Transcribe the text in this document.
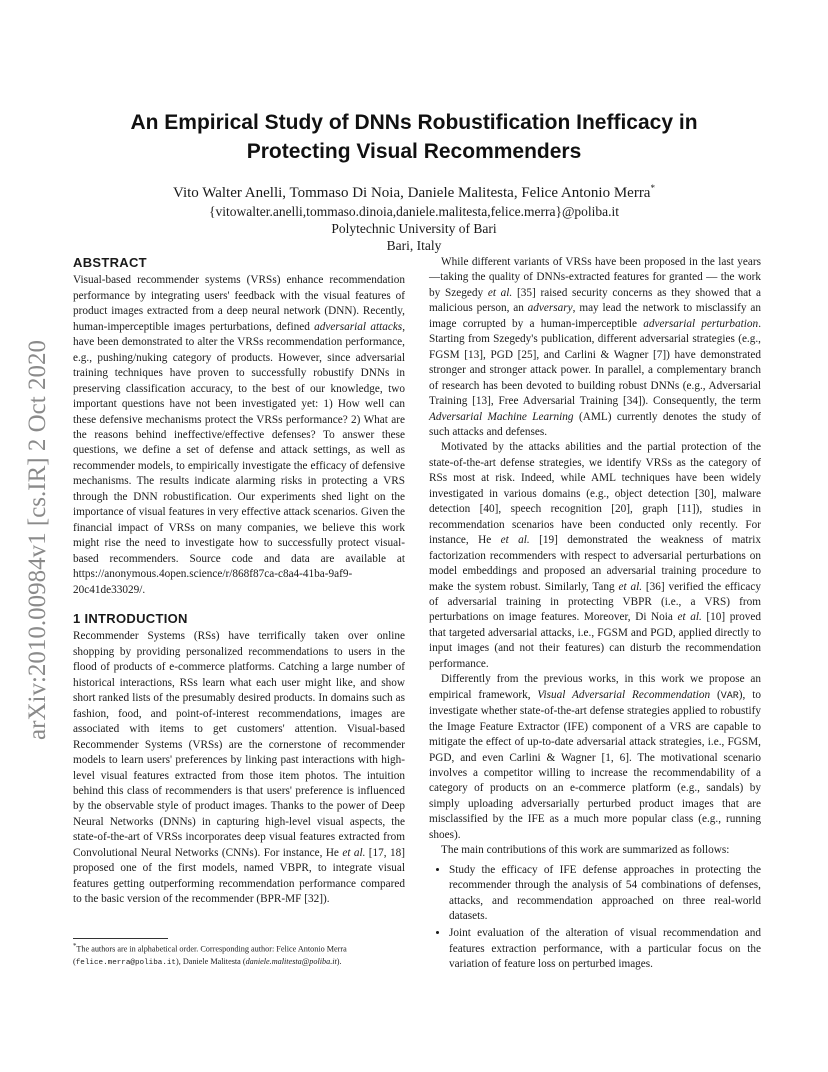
arXiv:2010.00984v1 [cs.IR] 2 Oct 2020
An Empirical Study of DNNs Robustification Inefficacy in
Protecting Visual Recommenders
Vito Walter Anelli, Tommaso Di Noia, Daniele Malitesta, Felice Antonio Merra*
{vitowalter.anelli,tommaso.dinoia,daniele.malitesta,felice.merra}@poliba.it
Polytechnic University of Bari
Bari, Italy
ABSTRACT

Visual-based recommender systems (VRSs) enhance recommendation performance by integrating users' feedback with the visual features of product images extracted from a deep neural network (DNN). Recently, human-imperceptible images perturbations, defined adversarial attacks, have been demonstrated to alter the VRSs recommendation performance, e.g., pushing/nuking category of products. However, since adversarial training techniques have proven to successfully robustify DNNs in preserving classification accuracy, to the best of our knowledge, two important questions have not been investigated yet: 1) How well can these defensive mechanisms protect the VRSs performance? 2) What are the reasons behind ineffective/effective defenses? To answer these questions, we define a set of defense and attack settings, as well as recommender models, to empirically investigate the efficacy of defensive mechanisms. The results indicate alarming risks in protecting a VRS through the DNN robustification. Our experiments shed light on the importance of visual features in very effective attack scenarios. Given the financial impact of VRSs on many companies, we believe this work might rise the need to investigate how to successfully protect visual-based recommenders. Source code and data are available at https://anonymous.4open.science/r/868f87ca-c8a4-41ba-9af9-20c41de33029/.

1 INTRODUCTION

Recommender Systems (RSs) have terrifically taken over online shopping by providing personalized recommendations to users in the flood of products of e-commerce platforms. Catching a large number of historical interactions, RSs learn what each user might like, and show short ranked lists of the presumably desired products. In domains such as fashion, food, and point-of-interest recommendations, images are associated with items to get customers' attention. Visual-based Recommender Systems (VRSs) are the cornerstone of recommender models to learn users' preferences by linking past interactions with high-level visual features extracted from those item photos. The intuition behind this class of recommenders is that users' preference is influenced by the observable style of product images. Thanks to the power of Deep Neural Networks (DNNs) in capturing high-level visual aspects, the state-of-the-art of VRSs incorporates deep visual features extracted from Convolutional Neural Networks (CNNs). For instance, He et al. [17, 18] proposed one of the first models, named VBPR, to integrate visual features getting outperforming recommendation performance compared to the basic version of the recommender (BPR-MF [32]).

While different variants of VRSs have been proposed in the last years —taking the quality of DNNs-extracted features for granted — the work by Szegedy et al. [35] raised security concerns as they showed that a malicious person, an adversary, may lead the network to misclassify an image corrupted by a human-imperceptible adversarial perturbation. Starting from Szegedy's publication, different adversarial strategies (e.g., FGSM [13], PGD [25], and Carlini & Wagner [7]) have demonstrated stronger and stronger attack power. In parallel, a complementary branch of research has been devoted to building robust DNNs (e.g., Adversarial Training [13], Free Adversarial Training [34]). Consequently, the term Adversarial Machine Learning (AML) currently denotes the study of such attacks and defenses.

Motivated by the attacks abilities and the partial protection of the state-of-the-art defense strategies, we identify VRSs as the category of RSs most at risk. Indeed, while AML techniques have been widely investigated in various domains (e.g., object detection [30], malware detection [40], speech recognition [20], graph [11]), studies in recommendation scenarios have been conducted only recently. For instance, He et al. [19] demonstrated the weakness of matrix factorization recommenders with respect to adversarial perturbations on model embeddings and proposed an adversarial training procedure to make the system robust. Similarly, Tang et al. [36] verified the efficacy of adversarial training in protecting VBPR (i.e., a VRS) from perturbations on image features. Moreover, Di Noia et al. [10] proved that targeted adversarial attacks, i.e., FGSM and PGD, applied directly to input images (and not their features) can disturb the recommendation performance.

Differently from the previous works, in this work we propose an empirical framework, Visual Adversarial Recommendation (VAR), to investigate whether state-of-the-art defense strategies applied to robustify the Image Feature Extractor (IFE) component of a VRS are capable to mitigate the effect of up-to-date adversarial attack strategies, i.e., FGSM, PGD, and even Carlini & Wagner [1, 6]. The motivational scenario involves a competitor willing to increase the recommendability of a category of products on an e-commerce platform (e.g., sandals) by simply uploading adversarially perturbed product images that are misclassified by the IFE as a much more popular class (e.g., running shoes).

The main contributions of this work are summarized as follows:

• Study the efficacy of IFE defense approaches in protecting the recommender through the analysis of 54 combinations of defenses, attacks, and recommendation approached on three real-world datasets.
• Joint evaluation of the alteration of visual recommendation and features extraction performance, with a particular focus on the variation of feature loss on perturbed images.
*The authors are in alphabetical order. Corresponding author: Felice Antonio Merra (felice.merra@poliba.it), Daniele Malitesta (daniele.malitesta@poliba.it).
